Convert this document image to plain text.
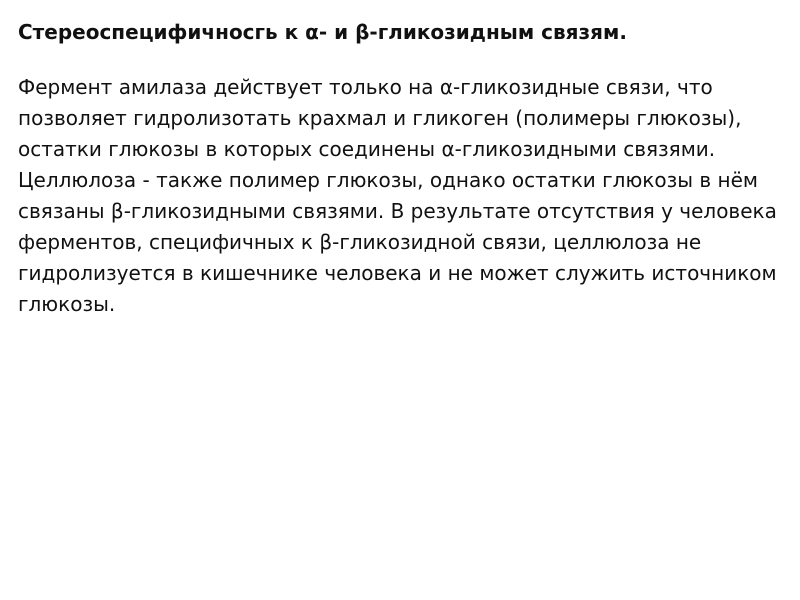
Стереоспецифичносгь к α- и β-гликозидным связям.

Фермент амилаза действует только на α-гликозидные связи, что позволяет гидролизотать крахмал и гликоген (полимеры глюкозы), остатки глюкозы в которых соединены α-гликозидными связями.

Целлюлоза - также полимер глюкозы, однако остатки глюкозы в нём связаны β-гликозидными связями. В результате отсутствия у человека ферментов, специфичных к β-гликозидной связи, целлюлоза не гидролизуется в кишечнике человека и не может служить источником глюкозы.
